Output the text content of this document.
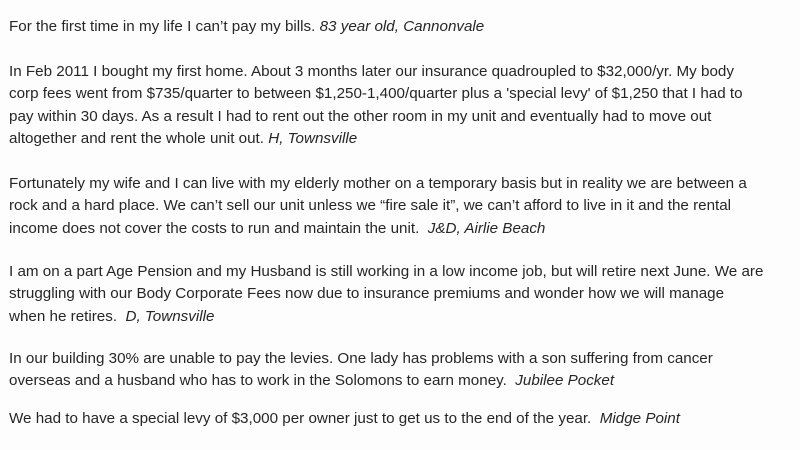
For the first time in my life I can’t pay my bills. 83 year old, Cannonvale

In Feb 2011 I bought my first home. About 3 months later our insurance quadroupled to $32,000/yr. My body
corp fees went from $735/quarter to between $1,250-1,400/quarter plus a 'special levy' of $1,250 that I had to
pay within 30 days. As a result I had to rent out the other room in my unit and eventually had to move out
altogether and rent the whole unit out. H, Townsville

Fortunately my wife and I can live with my elderly mother on a temporary basis but in reality we are between a
rock and a hard place. We can’t sell our unit unless we “fire sale it”, we can’t afford to live in it and the rental
income does not cover the costs to run and maintain the unit. J&D, Airlie Beach

I am on a part Age Pension and my Husband is still working in a low income job, but will retire next June. We are
struggling with our Body Corporate Fees now due to insurance premiums and wonder how we will manage
when he retires. D, Townsville

In our building 30% are unable to pay the levies. One lady has problems with a son suffering from cancer
overseas and a husband who has to work in the Solomons to earn money. Jubilee Pocket

We had to have a special levy of $3,000 per owner just to get us to the end of the year. Midge Point
